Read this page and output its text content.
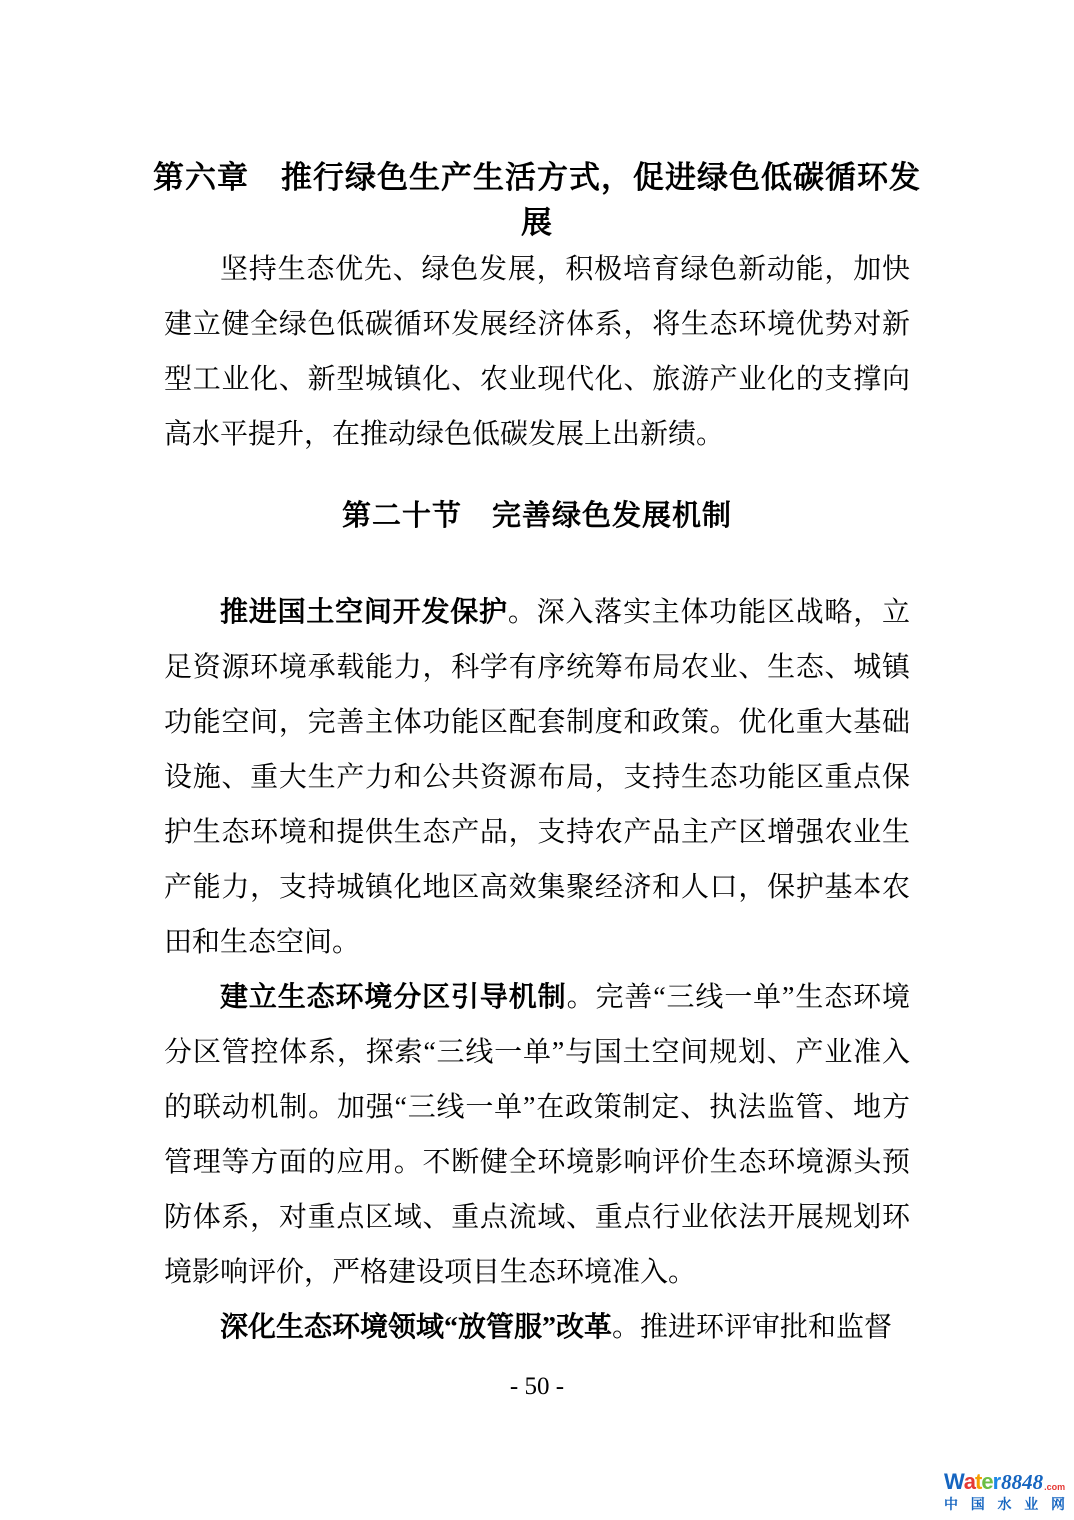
第六章　推行绿色生产生活方式，促进绿色低碳循环发展

坚持生态优先、绿色发展，积极培育绿色新动能，加快建立健全绿色低碳循环发展经济体系，将生态环境优势对新型工业化、新型城镇化、农业现代化、旅游产业化的支撑向高水平提升，在推动绿色低碳发展上出新绩。

第二十节　完善绿色发展机制

推进国土空间开发保护。深入落实主体功能区战略，立足资源环境承载能力，科学有序统筹布局农业、生态、城镇功能空间，完善主体功能区配套制度和政策。优化重大基础设施、重大生产力和公共资源布局，支持生态功能区重点保护生态环境和提供生态产品，支持农产品主产区增强农业生产能力，支持城镇化地区高效集聚经济和人口，保护基本农田和生态空间。

建立生态环境分区引导机制。完善“三线一单”生态环境分区管控体系，探索“三线一单”与国土空间规划、产业准入的联动机制。加强“三线一单”在政策制定、执法监管、地方管理等方面的应用。不断健全环境影响评价生态环境源头预防体系，对重点区域、重点流域、重点行业依法开展规划环境影响评价，严格建设项目生态环境准入。

深化生态环境领域“放管服”改革。推进环评审批和监督

- 50 -
W a t e r 8848 .com
中 国 水 业 网
